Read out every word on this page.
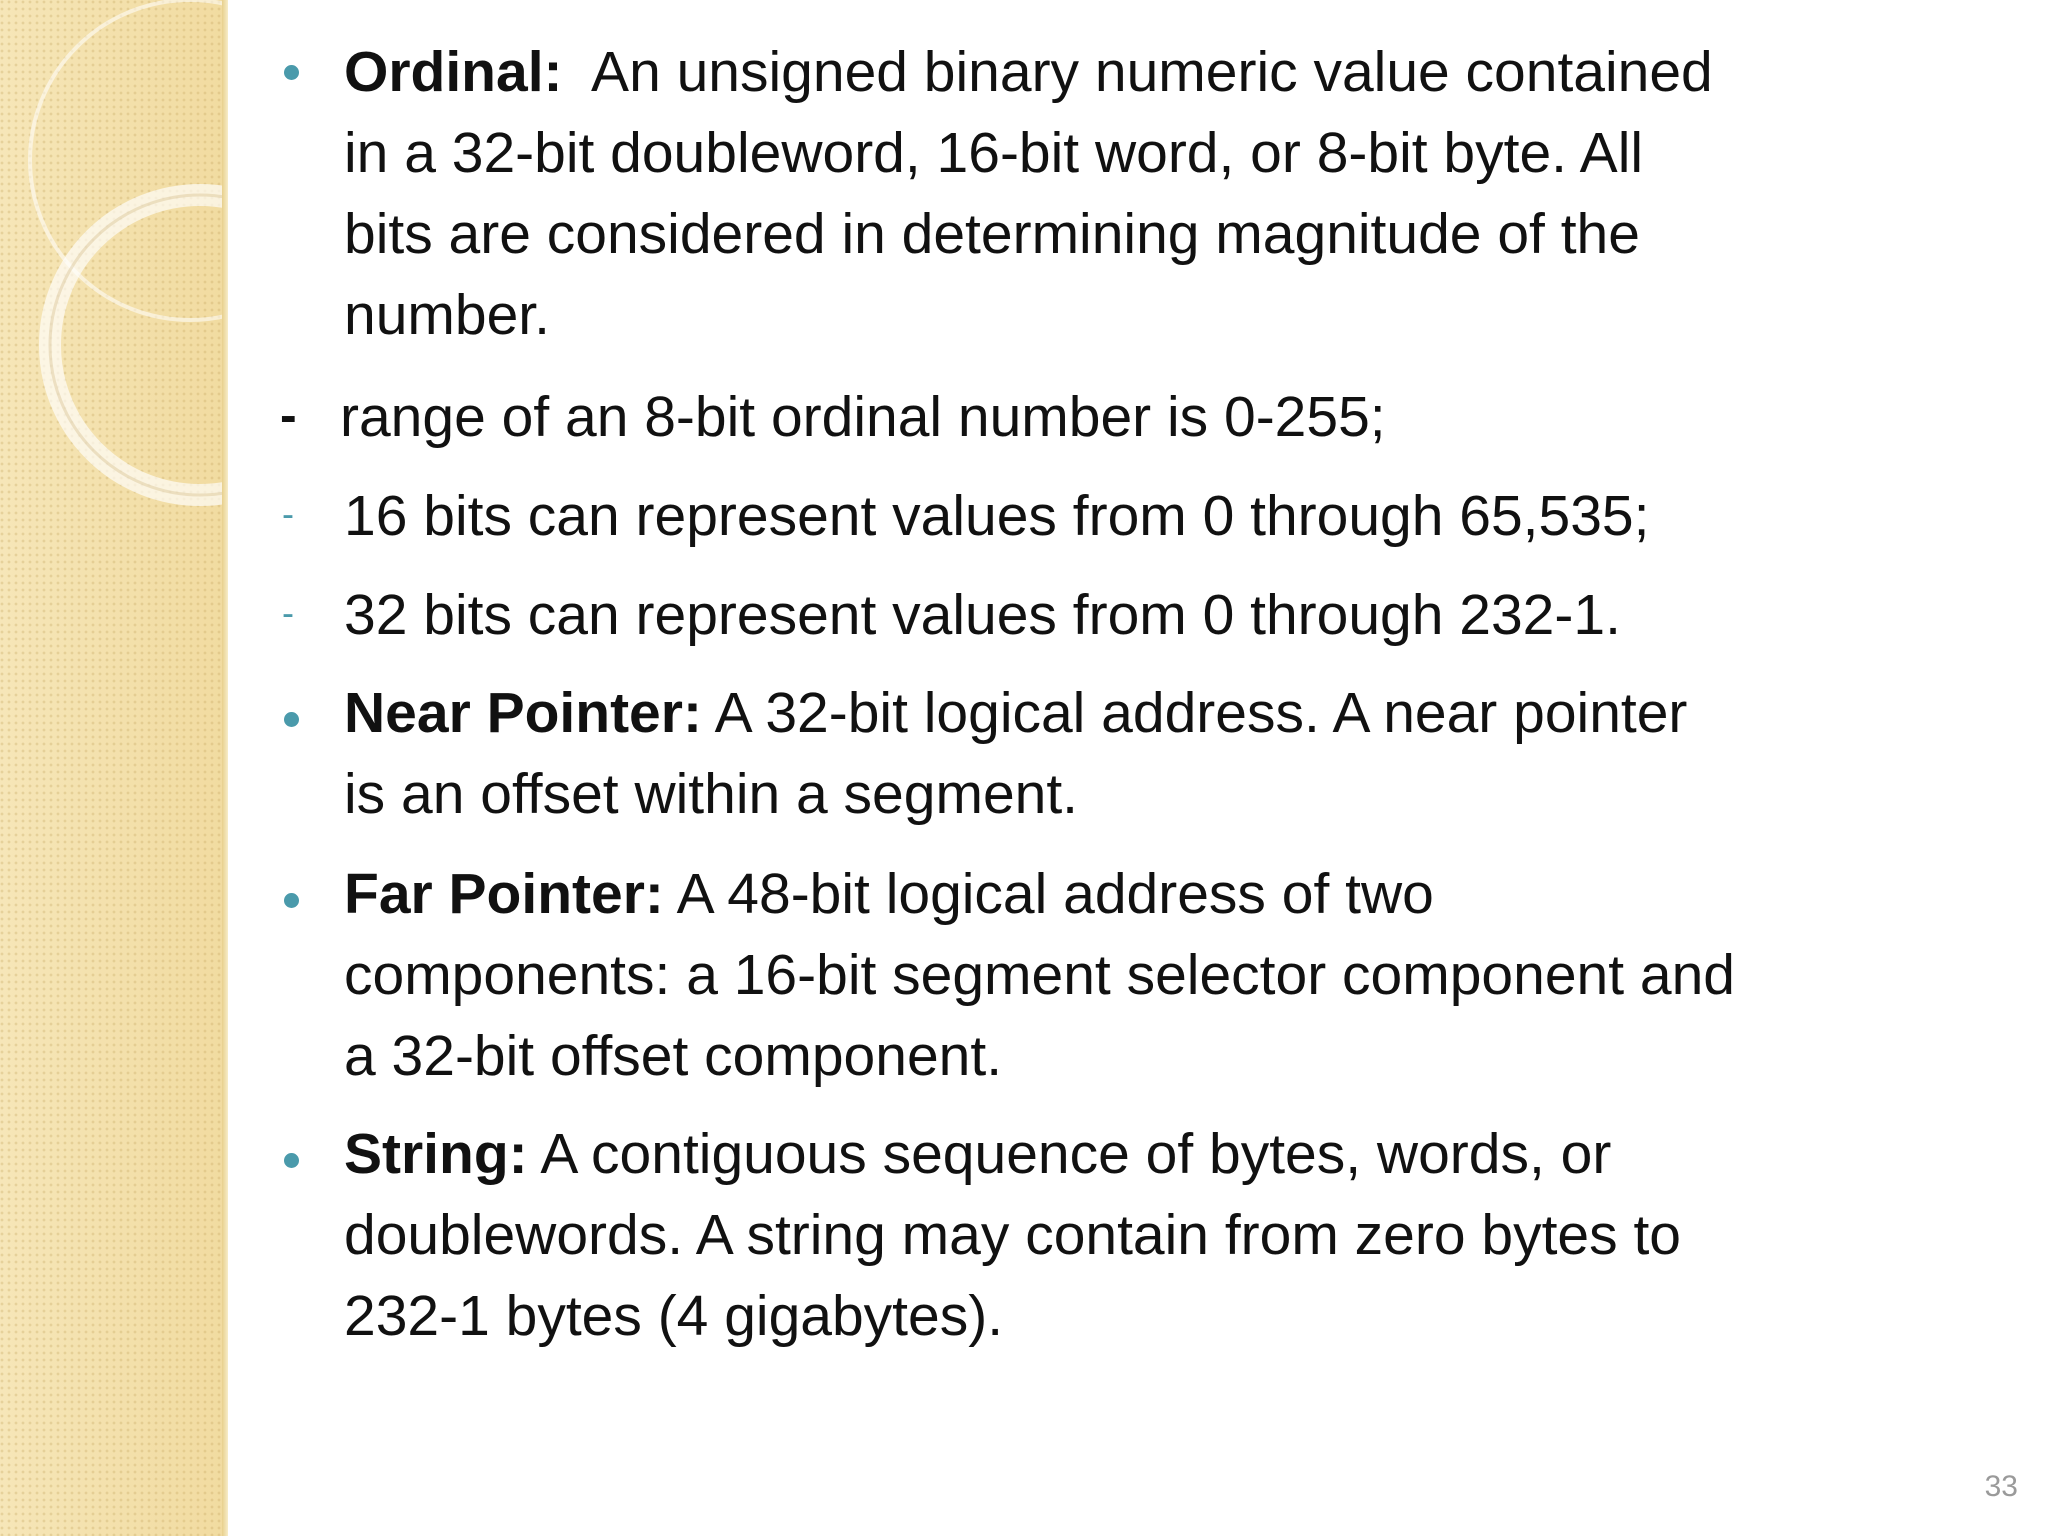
Ordinal: An unsigned binary numeric value contained
in a 32-bit doubleword, 16-bit word, or 8-bit byte. All
bits are considered in determining magnitude of the
number.
- range of an 8-bit ordinal number is 0-255;
- 16 bits can represent values from 0 through 65,535;
- 32 bits can represent values from 0 through 232-1.
Near Pointer: A 32-bit logical address. A near pointer
is an offset within a segment.
Far Pointer: A 48-bit logical address of two
components: a 16-bit segment selector component and
a 32-bit offset component.
String: A contiguous sequence of bytes, words, or
doublewords. A string may contain from zero bytes to
232-1 bytes (4 gigabytes).
33
